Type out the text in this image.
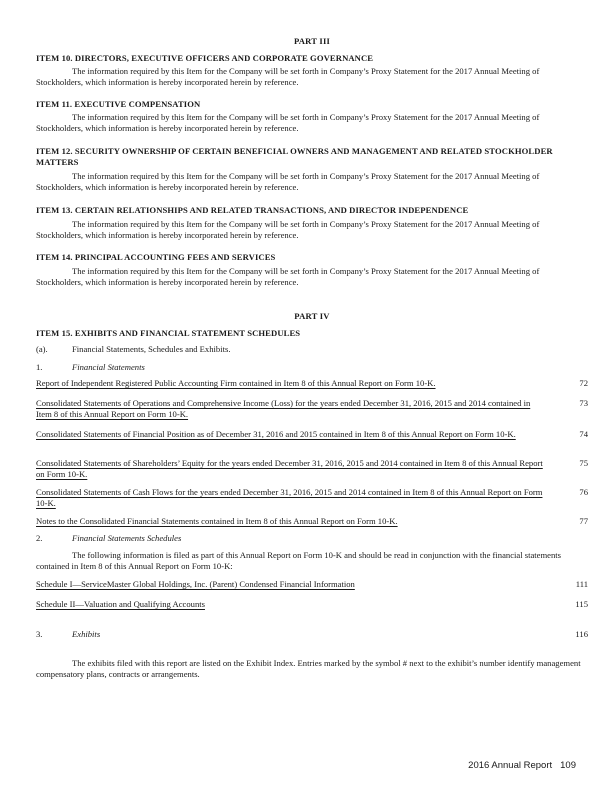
PART III
ITEM 10. DIRECTORS, EXECUTIVE OFFICERS AND CORPORATE GOVERNANCE
The information required by this Item for the Company will be set forth in Company’s Proxy Statement for the 2017 Annual Meeting of Stockholders, which information is hereby incorporated herein by reference.
ITEM 11. EXECUTIVE COMPENSATION
The information required by this Item for the Company will be set forth in Company’s Proxy Statement for the 2017 Annual Meeting of Stockholders, which information is hereby incorporated herein by reference.
ITEM 12. SECURITY OWNERSHIP OF CERTAIN BENEFICIAL OWNERS AND MANAGEMENT AND RELATED STOCKHOLDER MATTERS
The information required by this Item for the Company will be set forth in Company’s Proxy Statement for the 2017 Annual Meeting of Stockholders, which information is hereby incorporated herein by reference.
ITEM 13. CERTAIN RELATIONSHIPS AND RELATED TRANSACTIONS, AND DIRECTOR INDEPENDENCE
The information required by this Item for the Company will be set forth in Company’s Proxy Statement for the 2017 Annual Meeting of Stockholders, which information is hereby incorporated herein by reference.
ITEM 14. PRINCIPAL ACCOUNTING FEES AND SERVICES
The information required by this Item for the Company will be set forth in Company’s Proxy Statement for the 2017 Annual Meeting of Stockholders, which information is hereby incorporated herein by reference.
PART IV
ITEM 15. EXHIBITS AND FINANCIAL STATEMENT SCHEDULES
(a).	Financial Statements, Schedules and Exhibits.
1.	Financial Statements
Report of Independent Registered Public Accounting Firm contained in Item 8 of this Annual Report on Form 10-K.	72
Consolidated Statements of Operations and Comprehensive Income (Loss) for the years ended December 31, 2016, 2015 and 2014 contained in Item 8 of this Annual Report on Form 10-K.
73
Consolidated Statements of Financial Position as of December 31, 2016 and 2015 contained in Item 8 of this Annual Report on Form 10-K.	74
Consolidated Statements of Shareholders’ Equity for the years ended December 31, 2016, 2015 and 2014 contained in Item 8 of this Annual Report on Form 10-K.
75
Consolidated Statements of Cash Flows for the years ended December 31, 2016, 2015 and 2014 contained in Item 8 of this Annual Report on Form 10-K.
76
Notes to the Consolidated Financial Statements contained in Item 8 of this Annual Report on Form 10-K.	77
2.	Financial Statements Schedules
The following information is filed as part of this Annual Report on Form 10-K and should be read in conjunction with the financial statements contained in Item 8 of this Annual Report on Form 10-K:
Schedule I—ServiceMaster Global Holdings, Inc. (Parent) Condensed Financial Information	111
Schedule II—Valuation and Qualifying Accounts	115
3.	Exhibits	116
The exhibits filed with this report are listed on the Exhibit Index. Entries marked by the symbol # next to the exhibit’s number identify management compensatory plans, contracts or arrangements.
2016 Annual Report 109
